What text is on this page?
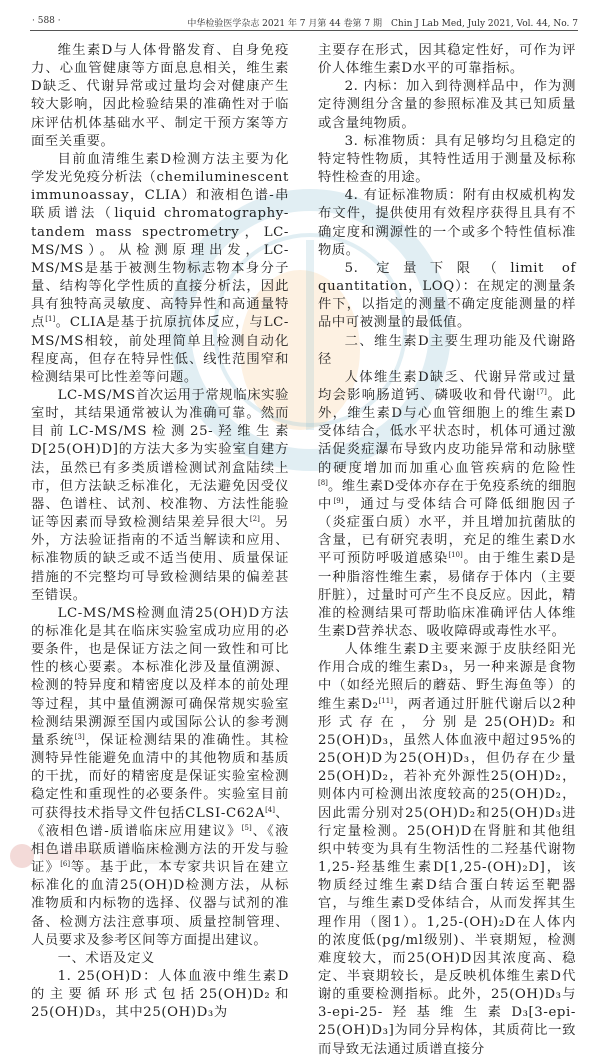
· 588 ·	中华检验医学杂志 2021 年 7 月第 44 卷第 7 期　Chin J Lab Med, July 2021, Vol. 44, No. 7

维生素D与人体骨骼发育、自身免疫力、心血管健康等方面息息相关，维生素D缺乏、代谢异常或过量均会对健康产生较大影响，因此检验结果的准确性对于临床评估机体基础水平、制定干预方案等方面至关重要。

目前血清维生素D检测方法主要为化学发光免疫分析法（chemiluminescent immunoassay，CLIA）和液相色谱-串联质谱法（liquid chromatography-tandem mass spectrometry，LC-MS/MS）。从检测原理出发，LC-MS/MS是基于被测生物标志物本身分子量、结构等化学性质的直接分析法，因此具有独特高灵敏度、高特异性和高通量特点[1]。CLIA是基于抗原抗体反应，与LC-MS/MS相较，前处理简单且检测自动化程度高，但存在特异性低、线性范围窄和检测结果可比性差等问题。

LC-MS/MS首次运用于常规临床实验室时，其结果通常被认为准确可靠。然而目前LC-MS/MS检测25-羟维生素D[25(OH)D]的方法大多为实验室自建方法，虽然已有多类质谱检测试剂盒陆续上市，但方法缺乏标准化，无法避免因受仪器、色谱柱、试剂、校准物、方法性能验证等因素而导致检测结果差异很大[2]。另外，方法验证指南的不适当解读和应用、标准物质的缺乏或不适当使用、质量保证措施的不完整均可导致检测结果的偏差甚至错误。

LC-MS/MS检测血清25(OH)D方法的标准化是其在临床实验室成功应用的必要条件，也是保证方法之间一致性和可比性的核心要素。本标准化涉及量值溯源、检测的特异度和精密度以及样本的前处理等过程，其中量值溯源可确保常规实验室检测结果溯源至国内或国际公认的参考测量系统[3]，保证检测结果的准确性。其检测特异性能避免血清中的其他物质和基质的干扰，而好的精密度是保证实验室检测稳定性和重现性的必要条件。实验室目前可获得技术指导文件包括CLSI-C62A[4]、《液相色谱-质谱临床应用建议》[5]、《液相色谱串联质谱临床检测方法的开发与验证》[6]等。基于此，本专家共识旨在建立标准化的血清25(OH)D检测方法，从标准物质和内标物的选择、仪器与试剂的准备、检测方法注意事项、质量控制管理、人员要求及参考区间等方面提出建议。

一、术语及定义

1. 25(OH)D：人体血液中维生素D的主要循环形式包括25(OH)D₂和25(OH)D₃，其中25(OH)D₃为

主要存在形式，因其稳定性好，可作为评价人体维生素D水平的可靠指标。

2. 内标：加入到待测样品中，作为测定待测组分含量的参照标准及其已知质量或含量纯物质。

3. 标准物质：具有足够均匀且稳定的特定特性物质，其特性适用于测量及标称特性检查的用途。

4. 有证标准物质：附有由权威机构发布文件，提供使用有效程序获得且具有不确定度和溯源性的一个或多个特性值标准物质。

5. 定量下限（limit of quantitation，LOQ）：在规定的测量条件下，以指定的测量不确定度能测量的样品中可被测量的最低值。

二、维生素D主要生理功能及代谢路径

人体维生素D缺乏、代谢异常或过量均会影响肠道钙、磷吸收和骨代谢[7]。此外，维生素D与心血管细胞上的维生素D受体结合，低水平状态时，机体可通过激活促炎症瀑布导致内皮功能异常和动脉壁的硬度增加而加重心血管疾病的危险性[8]。维生素D受体亦存在于免疫系统的细胞中[9]，通过与受体结合可降低细胞因子（炎症蛋白质）水平，并且增加抗菌肽的含量，已有研究表明，充足的维生素D水平可预防呼吸道感染[10]。由于维生素D是一种脂溶性维生素，易储存于体内（主要肝脏），过量时可产生不良反应。因此，精准的检测结果可帮助临床准确评估人体维生素D营养状态、吸收障碍或毒性水平。

人体维生素D主要来源于皮肤经阳光作用合成的维生素D₃，另一种来源是食物中（如经光照后的蘑菇、野生海鱼等）的维生素D₂[11]，两者通过肝脏代谢后以2种形式存在，分别是25(OH)D₂和25(OH)D₃，虽然人体血液中超过95%的25(OH)D为25(OH)D₃，但仍存在少量25(OH)D₂，若补充外源性25(OH)D₂，则体内可检测出浓度较高的25(OH)D₂，因此需分别对25(OH)D₂和25(OH)D₃进行定量检测。25(OH)D在肾脏和其他组织中转变为具有生物活性的二羟基代谢物1,25-羟基维生素D[1,25-(OH)₂D]，该物质经过维生素D结合蛋白转运至靶器官，与维生素D受体结合，从而发挥其生理作用（图1）。1,25-(OH)₂D在人体内的浓度低(pg/ml级别)、半衰期短，检测难度较大，而25(OH)D因其浓度高、稳定、半衰期较长，是反映机体维生素D代谢的重要检测指标。此外，25(OH)D₃与3-epi-25-羟基维生素D₃[3-epi-25(OH)D₃]为同分异构体，其质荷比一致而导致无法通过质谱直接分
